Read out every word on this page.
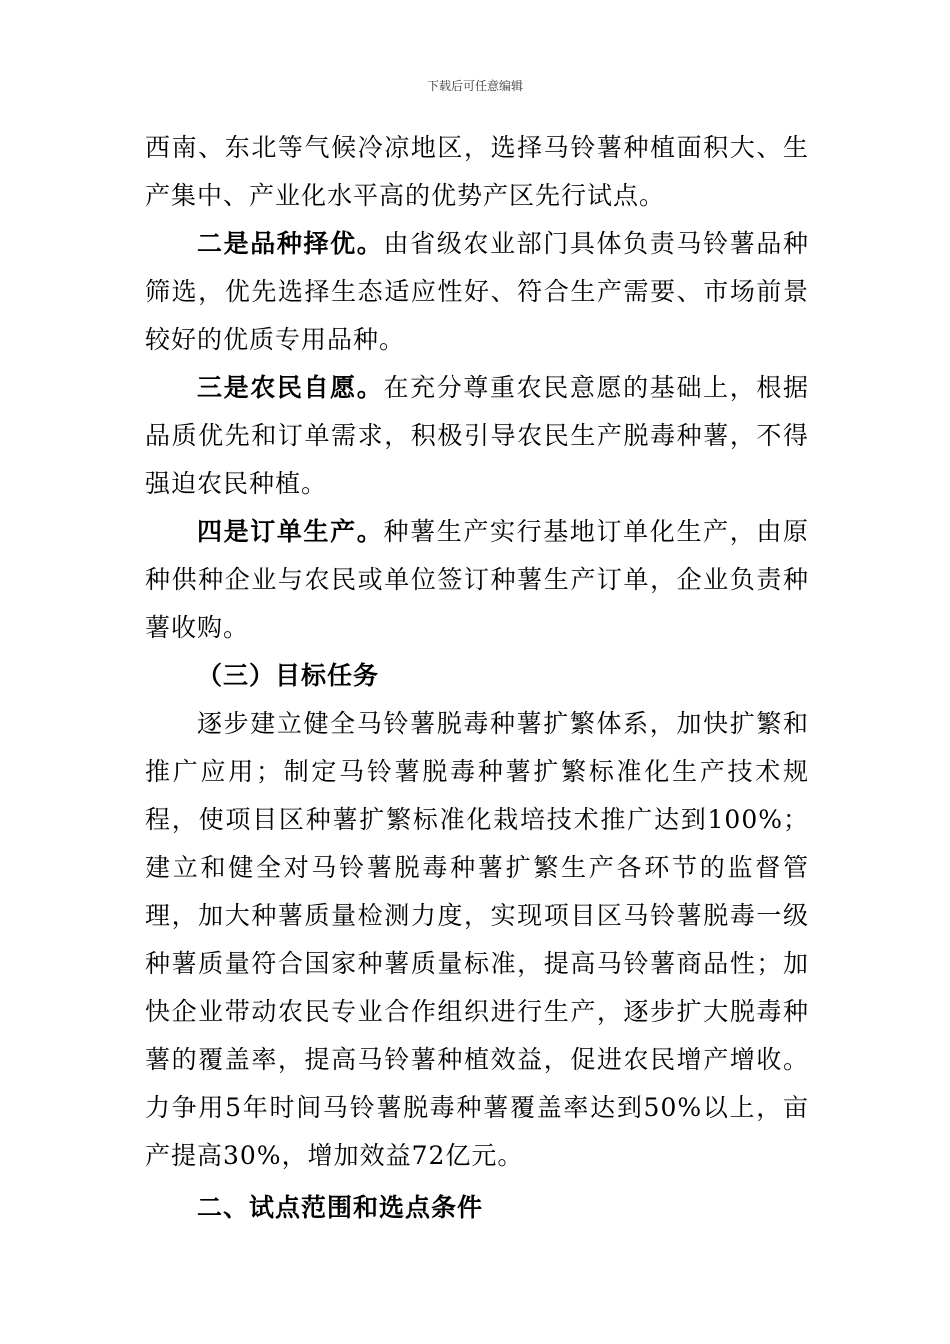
下载后可任意编辑

西南、东北等气候冷凉地区，选择马铃薯种植面积大、生产集中、产业化水平高的优势产区先行试点。

二是品种择优。由省级农业部门具体负责马铃薯品种筛选，优先选择生态适应性好、符合生产需要、市场前景较好的优质专用品种。

三是农民自愿。在充分尊重农民意愿的基础上，根据品质优先和订单需求，积极引导农民生产脱毒种薯，不得强迫农民种植。

四是订单生产。种薯生产实行基地订单化生产，由原种供种企业与农民或单位签订种薯生产订单，企业负责种薯收购。

（三）目标任务

逐步建立健全马铃薯脱毒种薯扩繁体系，加快扩繁和推广应用；制定马铃薯脱毒种薯扩繁标准化生产技术规程，使项目区种薯扩繁标准化栽培技术推广达到100%；建立和健全对马铃薯脱毒种薯扩繁生产各环节的监督管理，加大种薯质量检测力度，实现项目区马铃薯脱毒一级种薯质量符合国家种薯质量标准，提高马铃薯商品性；加快企业带动农民专业合作组织进行生产，逐步扩大脱毒种薯的覆盖率，提高马铃薯种植效益，促进农民增产增收。力争用5年时间马铃薯脱毒种薯覆盖率达到50%以上，亩产提高30%，增加效益72亿元。

二、试点范围和选点条件
